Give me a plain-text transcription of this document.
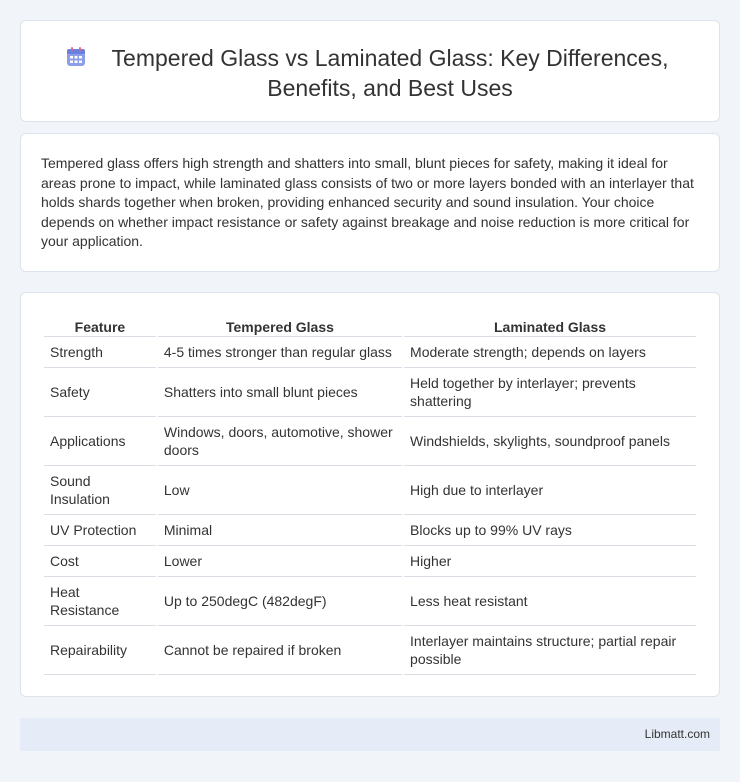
Tempered Glass vs Laminated Glass: Key Differences, Benefits, and Best Uses

Tempered glass offers high strength and shatters into small, blunt pieces for safety, making it ideal for areas prone to impact, while laminated glass consists of two or more layers bonded with an interlayer that holds shards together when broken, providing enhanced security and sound insulation. Your choice depends on whether impact resistance or safety against breakage and noise reduction is more critical for your application.

Feature	Tempered Glass	Laminated Glass
Strength	4-5 times stronger than regular glass	Moderate strength; depends on layers
Safety	Shatters into small blunt pieces	Held together by interlayer; prevents shattering
Applications	Windows, doors, automotive, shower doors	Windshields, skylights, soundproof panels
Sound Insulation	Low	High due to interlayer
UV Protection	Minimal	Blocks up to 99% UV rays
Cost	Lower	Higher
Heat Resistance	Up to 250degC (482degF)	Less heat resistant
Repairability	Cannot be repaired if broken	Interlayer maintains structure; partial repair possible
Libmatt.com
